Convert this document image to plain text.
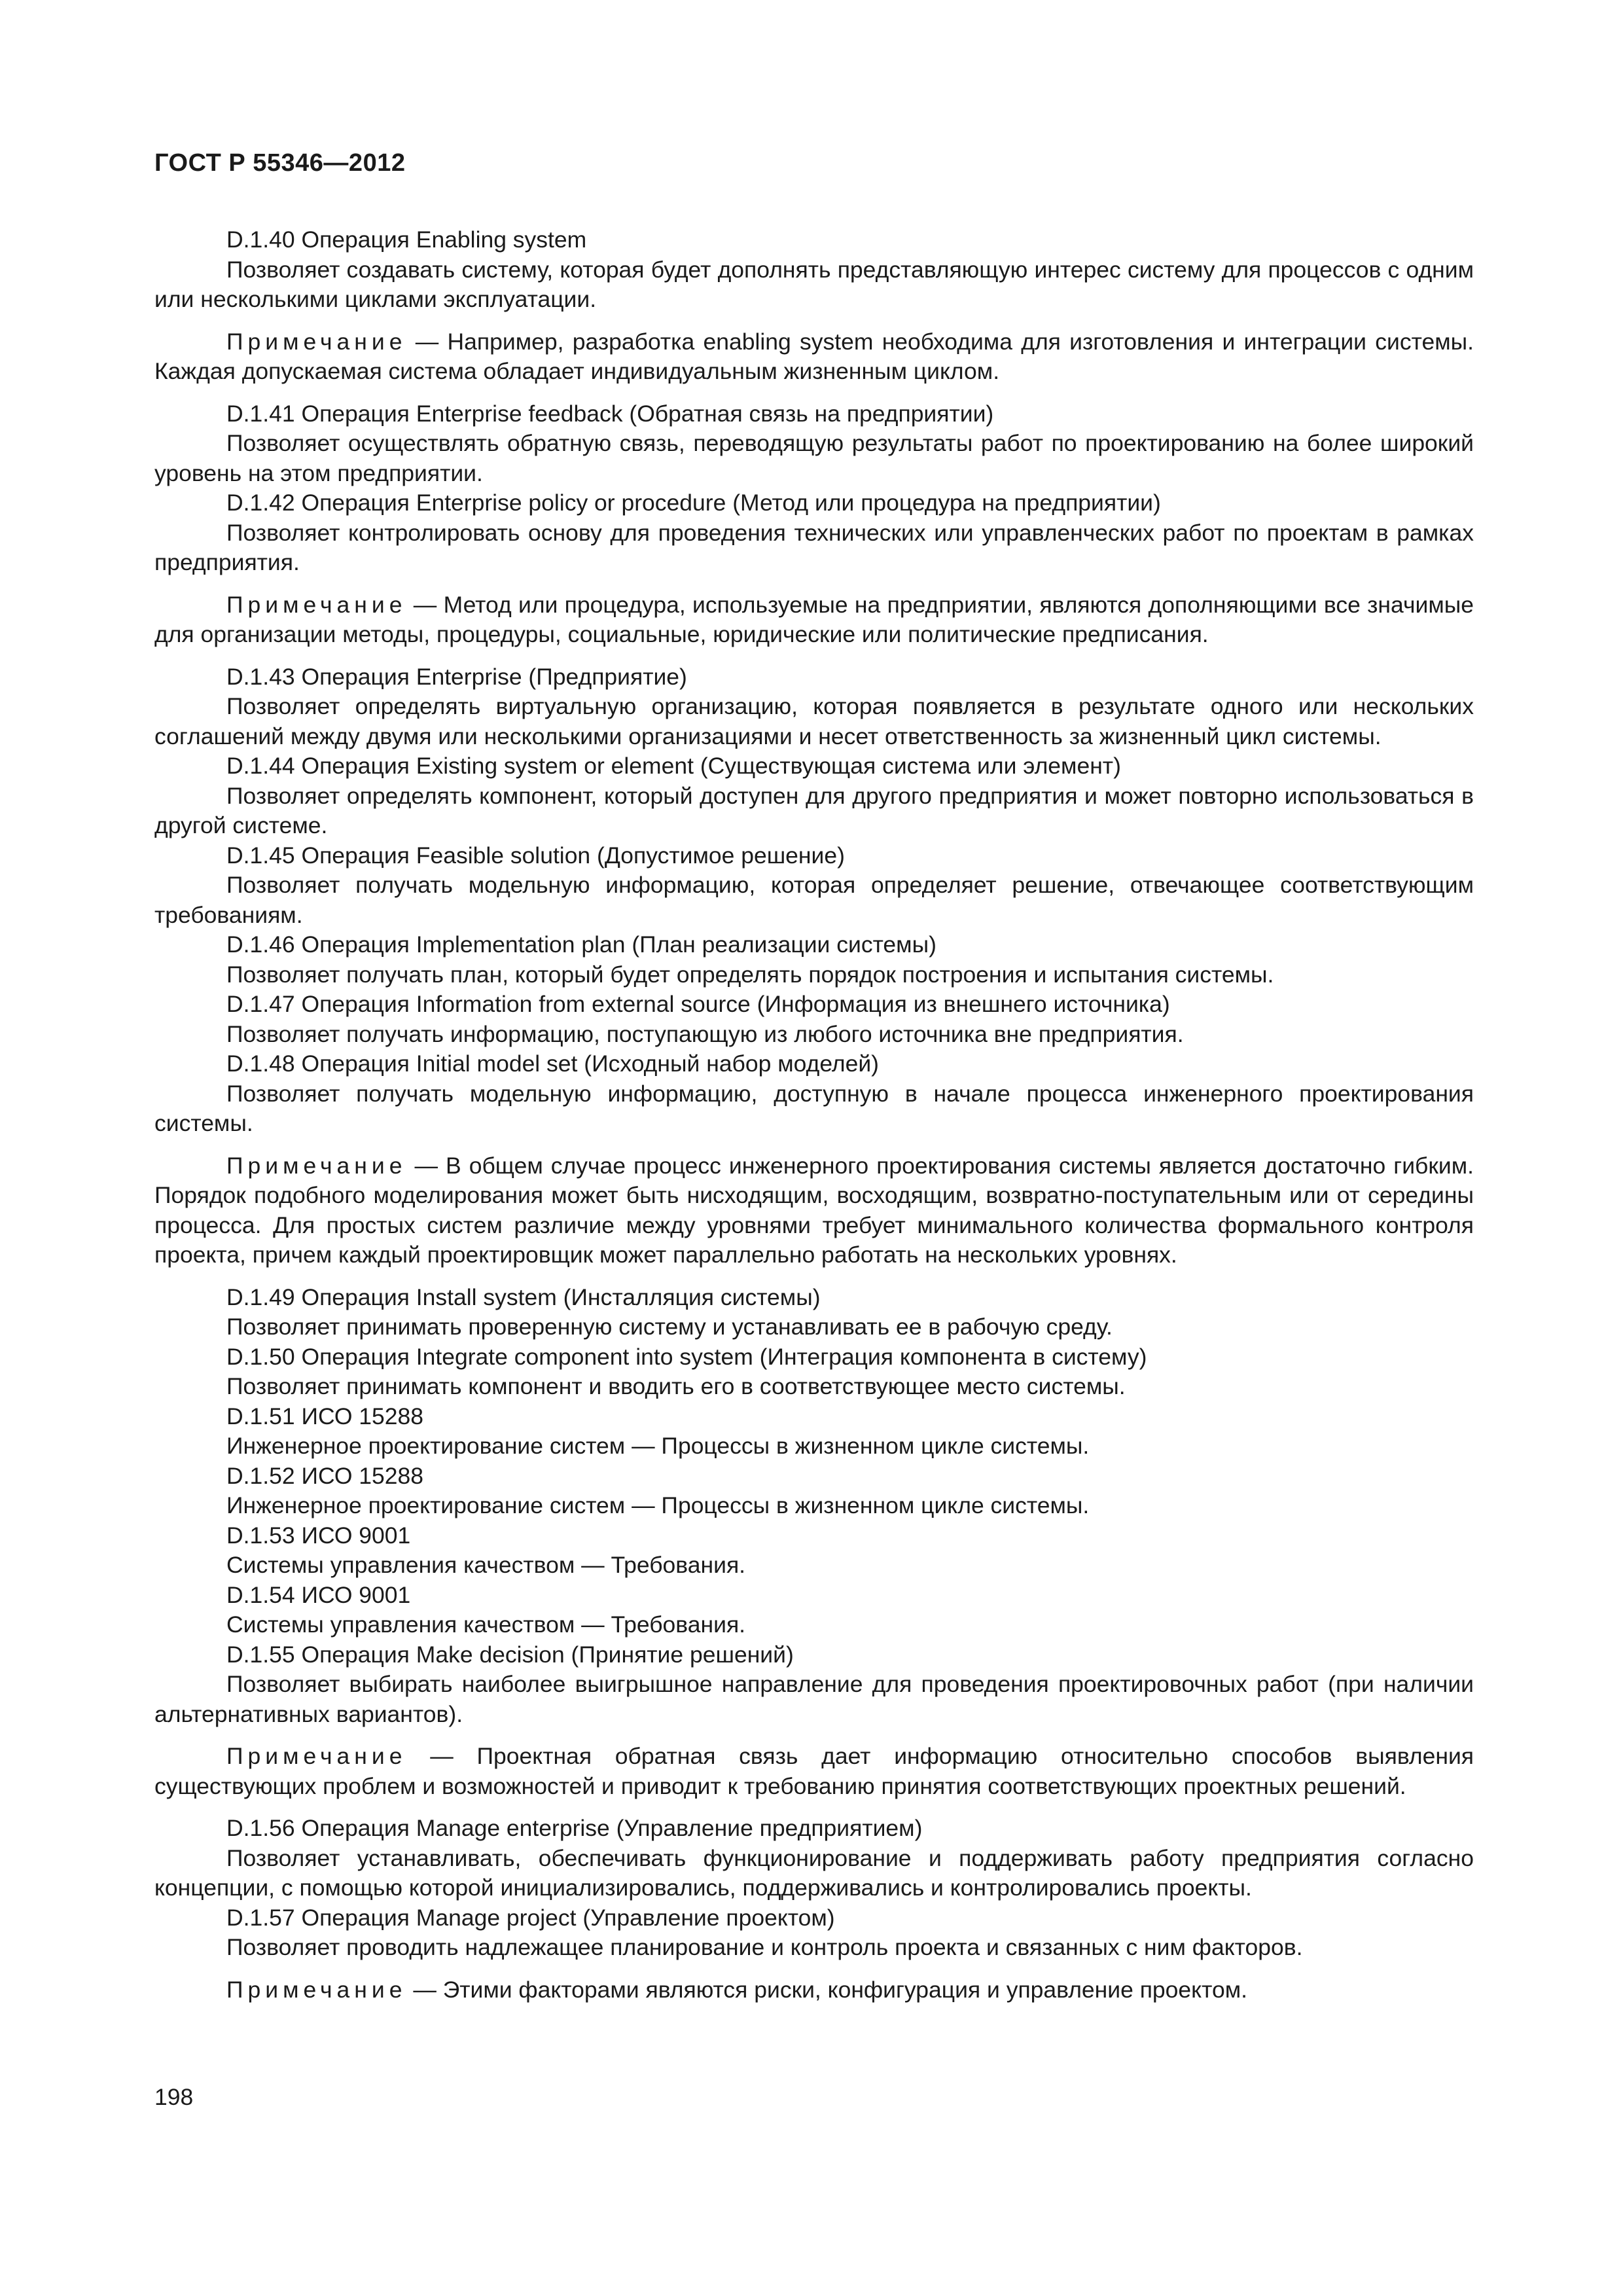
ГОСТ Р 55346—2012

D.1.40 Операция Enabling system

Позволяет создавать систему, которая будет дополнять представляющую интерес систему для процессов с одним или несколькими циклами эксплуатации.

Примечание — Например, разработка enabling system необходима для изготовления и интеграции системы. Каждая допускаемая система обладает индивидуальным жизненным циклом.

D.1.41 Операция Enterprise feedback (Обратная связь на предприятии)

Позволяет осуществлять обратную связь, переводящую результаты работ по проектированию на более широкий уровень на этом предприятии.

D.1.42 Операция Enterprise policy or procedure (Метод или процедура на предприятии)

Позволяет контролировать основу для проведения технических или управленческих работ по проектам в рамках предприятия.

Примечание — Метод или процедура, используемые на предприятии, являются дополняющими все значимые для организации методы, процедуры, социальные, юридические или политические предписания.

D.1.43 Операция Enterprise (Предприятие)

Позволяет определять виртуальную организацию, которая появляется в результате одного или нескольких соглашений между двумя или несколькими организациями и несет ответственность за жизненный цикл системы.

D.1.44 Операция Existing system or element (Существующая система или элемент)

Позволяет определять компонент, который доступен для другого предприятия и может повторно использоваться в другой системе.

D.1.45 Операция Feasible solution (Допустимое решение)

Позволяет получать модельную информацию, которая определяет решение, отвечающее соответствующим требованиям.

D.1.46 Операция Implementation plan (План реализации системы)

Позволяет получать план, который будет определять порядок построения и испытания системы.

D.1.47 Операция Information from external source (Информация из внешнего источника)

Позволяет получать информацию, поступающую из любого источника вне предприятия.

D.1.48 Операция Initial model set (Исходный набор моделей)

Позволяет получать модельную информацию, доступную в начале процесса инженерного проектирования системы.

Примечание — В общем случае процесс инженерного проектирования системы является достаточно гибким. Порядок подобного моделирования может быть нисходящим, восходящим, возвратно-поступательным или от середины процесса. Для простых систем различие между уровнями требует минимального количества формального контроля проекта, причем каждый проектировщик может параллельно работать на нескольких уровнях.

D.1.49 Операция Install system (Инсталляция системы)

Позволяет принимать проверенную систему и устанавливать ее в рабочую среду.

D.1.50 Операция Integrate component into system (Интеграция компонента в систему)

Позволяет принимать компонент и вводить его в соответствующее место системы.

D.1.51 ИСО 15288

Инженерное проектирование систем — Процессы в жизненном цикле системы.

D.1.52 ИСО 15288

Инженерное проектирование систем — Процессы в жизненном цикле системы.

D.1.53 ИСО 9001

Системы управления качеством — Требования.

D.1.54 ИСО 9001

Системы управления качеством — Требования.

D.1.55 Операция Make decision (Принятие решений)

Позволяет выбирать наиболее выигрышное направление для проведения проектировочных работ (при наличии альтернативных вариантов).

Примечание — Проектная обратная связь дает информацию относительно способов выявления существующих проблем и возможностей и приводит к требованию принятия соответствующих проектных решений.

D.1.56 Операция Manage enterprise (Управление предприятием)

Позволяет устанавливать, обеспечивать функционирование и поддерживать работу предприятия согласно концепции, с помощью которой инициализировались, поддерживались и контролировались проекты.

D.1.57 Операция Manage project (Управление проектом)

Позволяет проводить надлежащее планирование и контроль проекта и связанных с ним факторов.

Примечание — Этими факторами являются риски, конфигурация и управление проектом.

198
